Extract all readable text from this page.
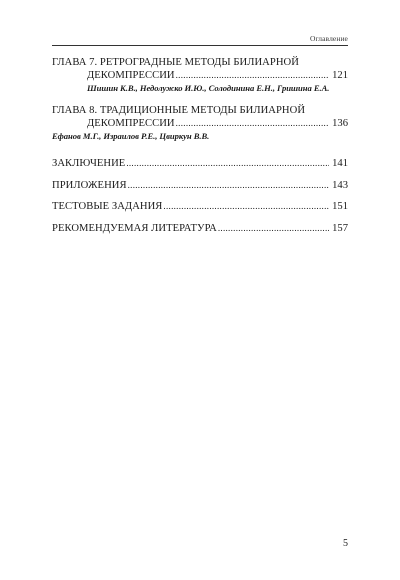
Оглавление
ГЛАВА 7. РЕТРОГРАДНЫЕ МЕТОДЫ БИЛИАРНОЙ
ДЕКОМПРЕССИИ .....	121
Шишин К.В., Недолужко И.Ю., Солодинина Е.Н., Гришина Е.А.
ГЛАВА 8. ТРАДИЦИОННЫЕ МЕТОДЫ БИЛИАРНОЙ
ДЕКОМПРЕССИИ .....	136
Ефанов М.Г., Израилов Р.Е., Цвиркун В.В.
ЗАКЛЮЧЕНИЕ .....	141
ПРИЛОЖЕНИЯ .....	143
ТЕСТОВЫЕ ЗАДАНИЯ .....	151
РЕКОМЕНДУЕМАЯ ЛИТЕРАТУРА .....	157
5
